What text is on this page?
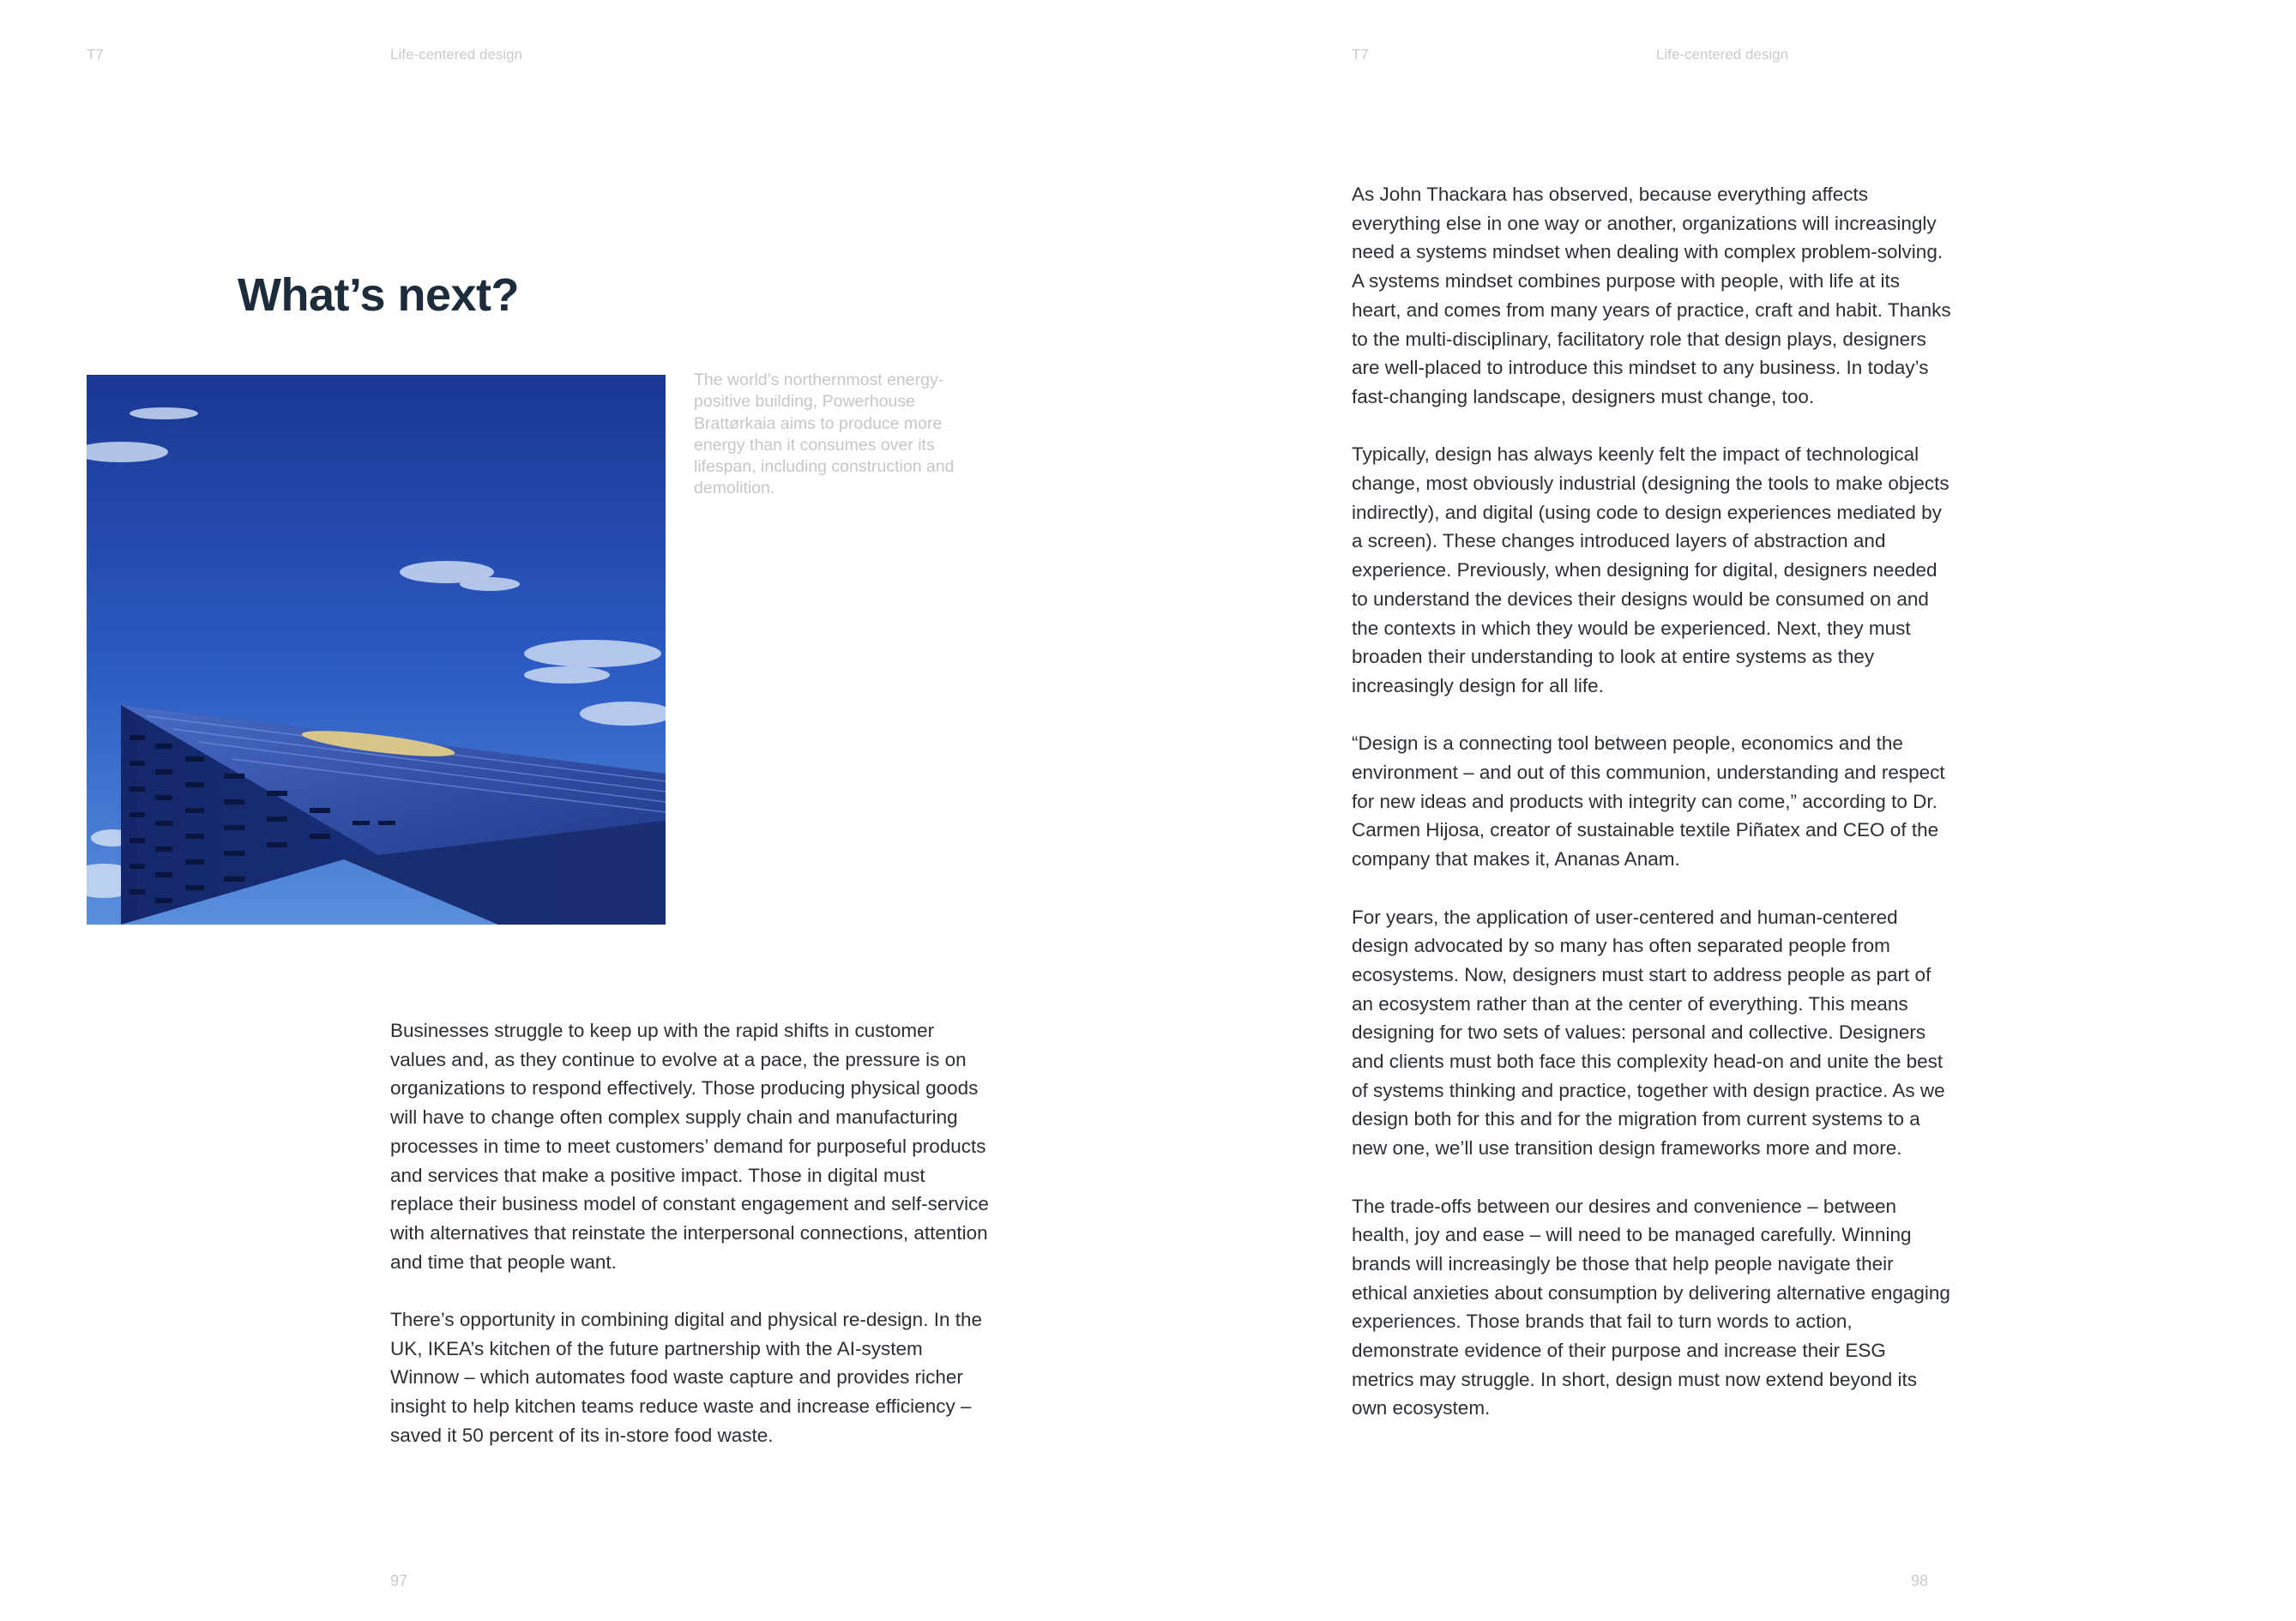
T7	Life-centered design
What’s next?

The world’s northernmost energy-positive building, Powerhouse Brattørkaia aims to produce more energy than it consumes over its lifespan, including construction and demolition.

Businesses struggle to keep up with the rapid shifts in customer values and, as they continue to evolve at a pace, the pressure is on organizations to respond effectively. Those producing physical goods will have to change often complex supply chain and manufacturing processes in time to meet customers’ demand for purposeful products and services that make a positive impact. Those in digital must replace their business model of constant engagement and self-service with alternatives that reinstate the interpersonal connections, attention and time that people want.

There’s opportunity in combining digital and physical re-design. In the UK, IKEA’s kitchen of the future partnership with the AI-system Winnow – which automates food waste capture and provides richer insight to help kitchen teams reduce waste and increase efficiency – saved it 50 percent of its in-store food waste.

97
T7	Life-centered design

As John Thackara has observed, because everything affects everything else in one way or another, organizations will increasingly need a systems mindset when dealing with complex problem-solving. A systems mindset combines purpose with people, with life at its heart, and comes from many years of practice, craft and habit. Thanks to the multi-disciplinary, facilitatory role that design plays, designers are well-placed to introduce this mindset to any business. In today’s fast-changing landscape, designers must change, too.

Typically, design has always keenly felt the impact of technological change, most obviously industrial (designing the tools to make objects indirectly), and digital (using code to design experiences mediated by a screen). These changes introduced layers of abstraction and experience. Previously, when designing for digital, designers needed to understand the devices their designs would be consumed on and the contexts in which they would be experienced. Next, they must broaden their understanding to look at entire systems as they increasingly design for all life.

“Design is a connecting tool between people, economics and the environment – and out of this communion, understanding and respect for new ideas and products with integrity can come,” according to Dr. Carmen Hijosa, creator of sustainable textile Piñatex and CEO of the company that makes it, Ananas Anam.

For years, the application of user-centered and human-centered design advocated by so many has often separated people from ecosystems. Now, designers must start to address people as part of an ecosystem rather than at the center of everything. This means designing for two sets of values: personal and collective. Designers and clients must both face this complexity head-on and unite the best of systems thinking and practice, together with design practice. As we design both for this and for the migration from current systems to a new one, we’ll use transition design frameworks more and more.

The trade-offs between our desires and convenience – between health, joy and ease – will need to be managed carefully. Winning brands will increasingly be those that help people navigate their ethical anxieties about consumption by delivering alternative engaging experiences. Those brands that fail to turn words to action, demonstrate evidence of their purpose and increase their ESG metrics may struggle. In short, design must now extend beyond its own ecosystem.

98
